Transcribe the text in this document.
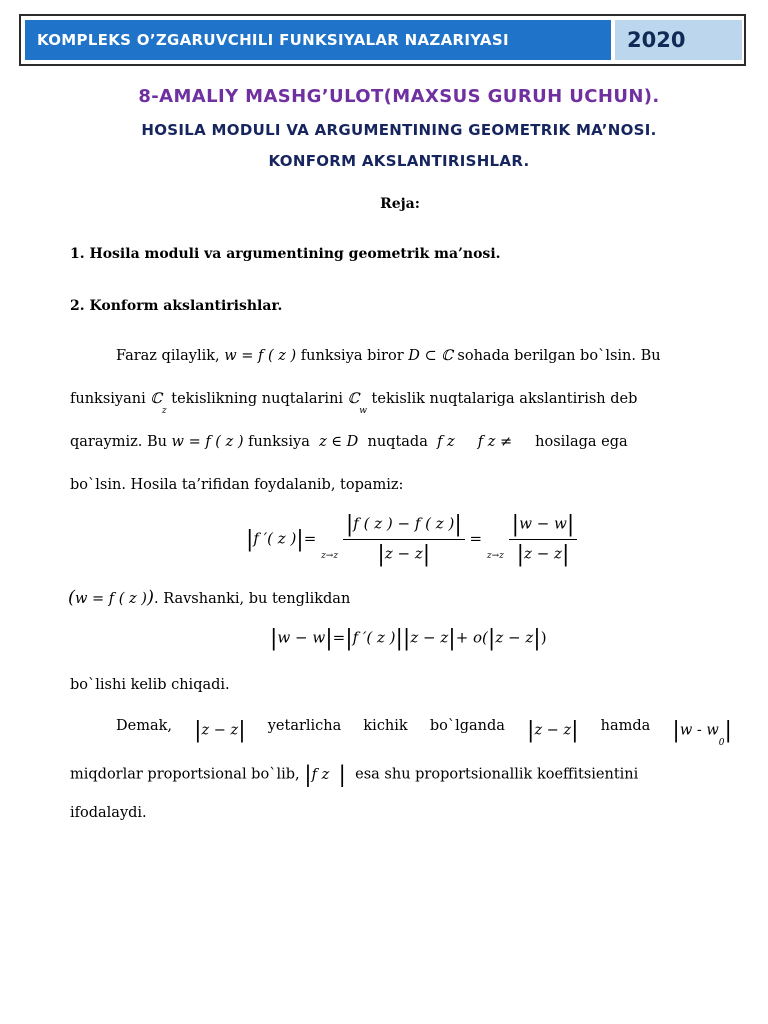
KOMPLEKS O’ZGARUVCHILI FUNKSIYALAR NAZARIYASI	2020
8-AMALIY MASHG’ULOT(MAXSUS GURUH UCHUN).
HOSILA MODULI VA ARGUMENTINING GEOMETRIK MA’NOSI.
KONFORM AKSLANTIRISHLAR.
Reja:
1. Hosila moduli va argumentining geometrik ma’nosi.
2. Konform akslantirishlar.
Faraz qilaylik, w = f ( z ) funksiya biror D ⊂ ℂ sohada berilgan bo`lsin. Bu
funksiyani ℂ$_z$ tekislikning nuqtalarini ℂ$_w$ tekislik nuqtalariga akslantirish deb
qaraymiz. Bu w = f ( z ) funksiya z ∈ D nuqtada f z f z ≠ hosilaga ega
bo`lsin. Hosila ta’rifidan foydalanib, topamiz:
|f ′( z )|= $_{z\to z} \frac{|f ( z ) - f ( z )|}{|z - z|} = _{z\to z} \frac{|w - w|}{|z - z|}$
(w = f ( z )). Ravshanki, bu tenglikdan
|w − w|=|f ′( z )||z − z|+ o(|z − z|)
bo`lishi kelib chiqadi.
Demak, |z − z| yetarlicha kichik bo`lganda |z − z| hamda $|w - w_0|$
miqdorlar proportsional bo`lib, |f z | esa shu proportsionallik koeffitsientini
ifodalaydi.
